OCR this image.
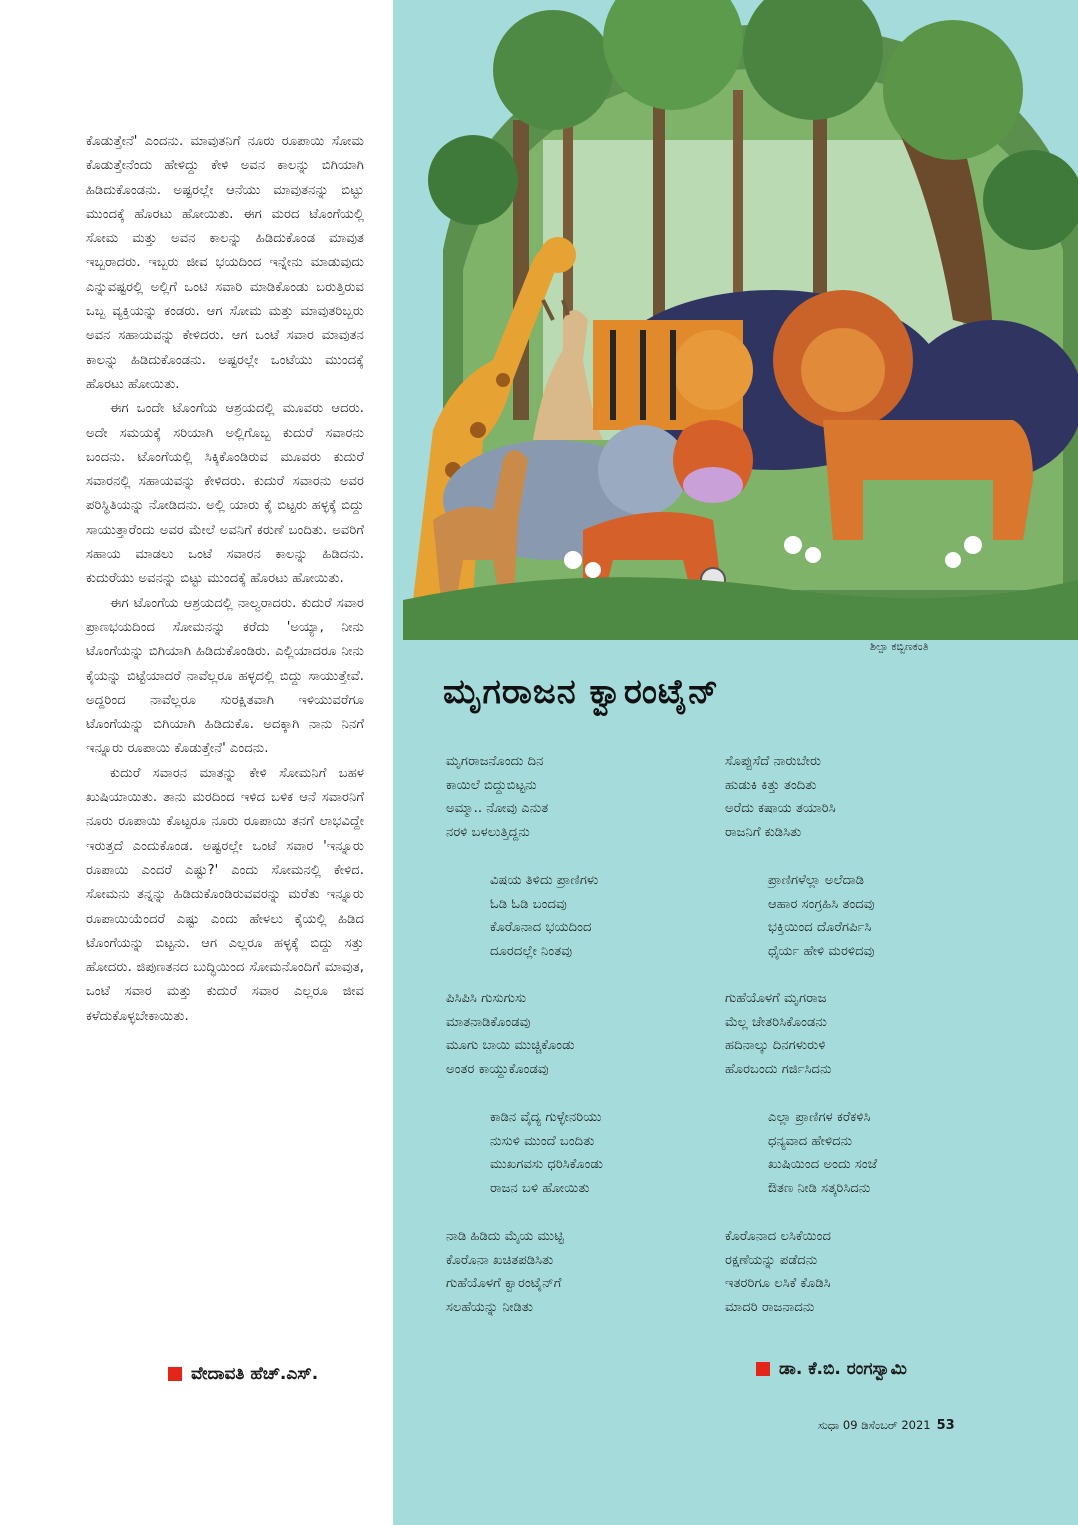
ಕೊಡುತ್ತೇನೆ' ಎಂದನು. ಮಾವುತನಿಗೆ ನೂರು ರೂಪಾಯಿ ಸೋಮ ಕೊಡುತ್ತೇನೆಂದು ಹೇಳಿದ್ದು ಕೇಳಿ ಅವನ ಕಾಲನ್ನು ಬಿಗಿಯಾಗಿ ಹಿಡಿದುಕೊಂಡನು. ಅಷ್ಟರಲ್ಲೇ ಆನೆಯು ಮಾವುತನನ್ನು ಬಿಟ್ಟು ಮುಂದಕ್ಕೆ ಹೊರಟು ಹೋಯಿತು. ಈಗ ಮರದ ಟೊಂಗೆಯಲ್ಲಿ ಸೋಮ ಮತ್ತು ಅವನ ಕಾಲನ್ನು ಹಿಡಿದುಕೊಂಡ ಮಾವುತ ಇಬ್ಬರಾದರು. ಇಬ್ಬರು ಜೀವ ಭಯದಿಂದ ಇನ್ನೇನು ಮಾಡುವುದು ಎನ್ನುವಷ್ಟರಲ್ಲಿ ಅಲ್ಲಿಗೆ ಒಂಟಿ ಸವಾರಿ ಮಾಡಿಕೊಂಡು ಬರುತ್ತಿರುವ ಒಬ್ಬ ವ್ಯಕ್ತಿಯನ್ನು ಕಂಡರು. ಆಗ ಸೋಮ ಮತ್ತು ಮಾವುತರಿಬ್ಬರು ಅವನ ಸಹಾಯವನ್ನು ಕೇಳಿದರು. ಆಗ ಒಂಟೆ ಸವಾರ ಮಾವುತನ ಕಾಲನ್ನು ಹಿಡಿದುಕೊಂಡನು. ಅಷ್ಟರಲ್ಲೇ ಒಂಟೆಯು ಮುಂದಕ್ಕೆ ಹೊರಟು ಹೋಯಿತು.

ಈಗ ಒಂದೇ ಟೊಂಗೆಯ ಆಶ್ರಯದಲ್ಲಿ ಮೂವರು ಆದರು. ಅದೇ ಸಮಯಕ್ಕೆ ಸರಿಯಾಗಿ ಅಲ್ಲಿಗೊಬ್ಬ ಕುದುರೆ ಸವಾರನು ಬಂದನು. ಟೊಂಗೆಯಲ್ಲಿ ಸಿಕ್ಕಿಕೊಂಡಿರುವ ಮೂವರು ಕುದುರೆ ಸವಾರನಲ್ಲಿ ಸಹಾಯವನ್ನು ಕೇಳಿದರು. ಕುದುರೆ ಸವಾರನು ಅವರ ಪರಿಸ್ಥಿತಿಯನ್ನು ನೋಡಿದನು. ಅಲ್ಲಿ ಯಾರು ಕೈ ಬಿಟ್ಟರು ಹಳ್ಳಕ್ಕೆ ಬಿದ್ದು ಸಾಯುತ್ತಾರೆಂದು ಅವರ ಮೇಲೆ ಅವನಿಗೆ ಕರುಣೆ ಬಂದಿತು. ಅವರಿಗೆ ಸಹಾಯ ಮಾಡಲು ಒಂಟೆ ಸವಾರನ ಕಾಲನ್ನು ಹಿಡಿದನು. ಕುದುರೆಯು ಅವನನ್ನು ಬಿಟ್ಟು ಮುಂದಕ್ಕೆ ಹೊರಟು ಹೋಯಿತು.

ಈಗ ಟೊಂಗೆಯ ಆಶ್ರಯದಲ್ಲಿ ನಾಲ್ವರಾದರು. ಕುದುರೆ ಸವಾರ ಪ್ರಾಣಭಯದಿಂದ ಸೋಮನನ್ನು ಕರೆದು 'ಅಯ್ಯಾ, ನೀನು ಟೊಂಗೆಯನ್ನು ಬಿಗಿಯಾಗಿ ಹಿಡಿದುಕೊಂಡಿರು. ಎಲ್ಲಿಯಾದರೂ ನೀನು ಕೈಯನ್ನು ಬಿಟ್ಟೆಯಾದರೆ ನಾವೆಲ್ಲರೂ ಹಳ್ಳದಲ್ಲಿ ಬಿದ್ದು ಸಾಯುತ್ತೇವೆ. ಅದ್ದರಿಂದ ನಾವೆಲ್ಲರೂ ಸುರಕ್ಷಿತವಾಗಿ ಇಳಿಯುವರೆಗೂ ಟೊಂಗೆಯನ್ನು ಬಿಗಿಯಾಗಿ ಹಿಡಿದುಕೊ. ಅದಕ್ಕಾಗಿ ನಾನು ನಿನಗೆ ಇನ್ನೂರು ರೂಪಾಯಿ ಕೊಡುತ್ತೇನೆ' ಎಂದನು.

ಕುದುರೆ ಸವಾರನ ಮಾತನ್ನು ಕೇಳಿ ಸೋಮನಿಗೆ ಬಹಳ ಖುಷಿಯಾಯಿತು. ತಾನು ಮರದಿಂದ ಇಳಿದ ಬಳಿಕ ಆನೆ ಸವಾರನಿಗೆ ನೂರು ರೂಪಾಯಿ ಕೊಟ್ಟರೂ ನೂರು ರೂಪಾಯಿ ತನಗೆ ಲಾಭವಿದ್ದೇ ಇರುತ್ತದೆ ಎಂದುಕೊಂಡ. ಅಷ್ಟರಲ್ಲೇ ಒಂಟೆ ಸವಾರ 'ಇನ್ನೂರು ರೂಪಾಯಿ ಎಂದರೆ ಎಷ್ಟು?' ಎಂದು ಸೋಮನಲ್ಲಿ ಕೇಳಿದ. ಸೋಮನು ತನ್ನನ್ನು ಹಿಡಿದುಕೊಂಡಿರುವವರನ್ನು ಮರೆತು ಇನ್ನೂರು ರೂಪಾಯಿಯೆಂದರೆ ಎಷ್ಟು ಎಂದು ಹೇಳಲು ಕೈಯಲ್ಲಿ ಹಿಡಿದ ಟೊಂಗೆಯನ್ನು ಬಿಟ್ಟನು. ಆಗ ಎಲ್ಲರೂ ಹಳ್ಳಕ್ಕೆ ಬಿದ್ದು ಸತ್ತು ಹೋದರು. ಜಿಪುಣತನದ ಬುದ್ಧಿಯಿಂದ ಸೋಮನೊಂದಿಗೆ ಮಾವುತ, ಒಂಟೆ ಸವಾರ ಮತ್ತು ಕುದುರೆ ಸವಾರ ಎಲ್ಲರೂ ಜೀವ ಕಳೆದುಕೊಳ್ಳಬೇಕಾಯಿತು.

ವೇದಾವತಿ ಹೆಚ್.ಎಸ್.
ಶಿಲ್ಪಾ ಕಬ್ಬಿಣಕಂತಿ
ಮೃಗರಾಜನ ಕ್ವಾರಂಟೈನ್
ಮೃಗರಾಜನೊಂದು ದಿನ
ಕಾಯಿಲೆ ಬಿದ್ದುಬಿಟ್ಟನು
ಅಮ್ಮಾ.. ನೋವು ಎನುತ
ನರಳಿ ಬಳಲುತ್ತಿದ್ದನು
ಸೊಪ್ಪುಸೆದೆ ನಾರುಬೇರು
ಹುಡುಕಿ ಕಿತ್ತು ತಂದಿತು
ಅರೆದು ಕಷಾಯ ತಯಾರಿಸಿ
ರಾಜನಿಗೆ ಕುಡಿಸಿತು
ವಿಷಯ ತಿಳಿದು ಪ್ರಾಣಿಗಳು
ಓಡಿ ಓಡಿ ಬಂದವು
ಕೊರೊನಾದ ಭಯದಿಂದ
ದೂರದಲ್ಲೇ ನಿಂತವು
ಪ್ರಾಣಿಗಳೆಲ್ಲಾ ಅಲೆದಾಡಿ
ಆಹಾರ ಸಂಗ್ರಹಿಸಿ ತಂದವು
ಭಕ್ತಿಯಿಂದ ದೊರೆಗರ್ಪಿಸಿ
ಧೈರ್ಯ ಹೇಳಿ ಮರಳಿದವು
ಪಿಸಿಪಿಸಿ ಗುಸುಗುಸು
ಮಾತನಾಡಿಕೊಂಡವು
ಮೂಗು ಬಾಯಿ ಮುಚ್ಚಿಕೊಂಡು
ಅಂತರ ಕಾಯ್ದುಕೊಂಡವು
ಗುಹೆಯೊಳಗೆ ಮೃಗರಾಜ
ಮೆಲ್ಲ ಚೇತರಿಸಿಕೊಂಡನು
ಹದಿನಾಲ್ಕು ದಿನಗಳುರುಳಿ
ಹೊರಬಂದು ಗರ್ಜಿಸಿದನು
ಕಾಡಿನ ವೈದ್ಯ ಗುಳ್ಳೇನರಿಯು
ನುಸುಳಿ ಮುಂದೆ ಬಂದಿತು
ಮುಖಗವಸು ಧರಿಸಿಕೊಂಡು
ರಾಜನ ಬಳಿ ಹೋಯಿತು
ಎಲ್ಲಾ ಪ್ರಾಣಿಗಳ ಕರೆಕಳಿಸಿ
ಧನ್ಯವಾದ ಹೇಳಿದನು
ಖುಷಿಯಿಂದ ಅಂದು ಸಂಜೆ
ಔತಣ ನೀಡಿ ಸತ್ಕರಿಸಿದನು
ನಾಡಿ ಹಿಡಿದು ಮೈಯ ಮುಟ್ಟಿ
ಕೊರೊನಾ ಖಚಿತಪಡಿಸಿತು
ಗುಹೆಯೊಳಗೆ ಕ್ವಾರಂಟೈನ್‌ಗೆ
ಸಲಹೆಯನ್ನು ನೀಡಿತು
ಕೊರೊನಾದ ಲಸಿಕೆಯಿಂದ
ರಕ್ಷಣೆಯನ್ನು ಪಡೆದನು
ಇತರರಿಗೂ ಲಸಿಕೆ ಕೊಡಿಸಿ
ಮಾದರಿ ರಾಜನಾದನು
ಡಾ. ಕೆ.ಬಿ. ರಂಗಸ್ವಾಮಿ
ಸುಧಾ 09 ಡಿಸೆಂಬರ್ 2021 53
